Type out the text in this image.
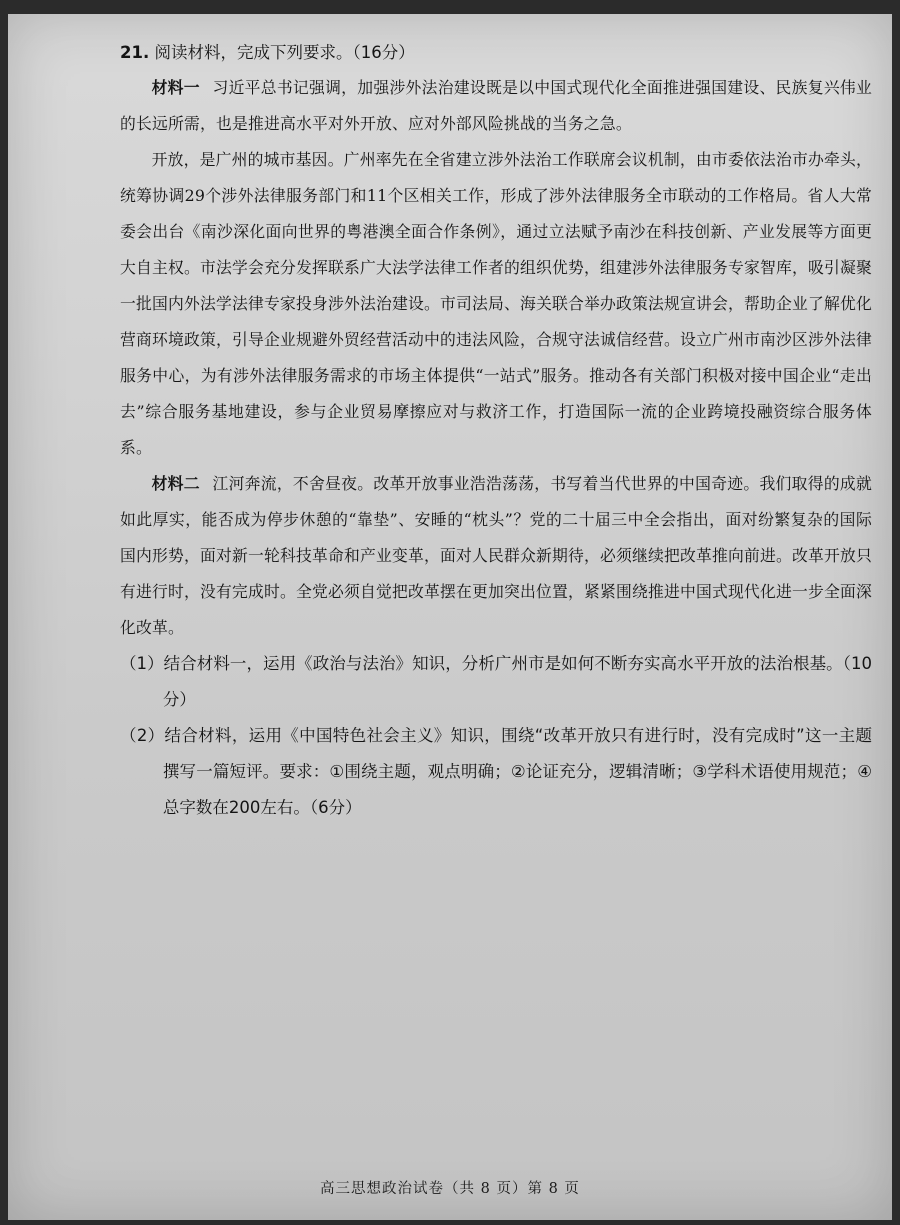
21. 阅读材料，完成下列要求。（16分）

材料一 习近平总书记强调，加强涉外法治建设既是以中国式现代化全面推进强国建设、民族复兴伟业的长远所需，也是推进高水平对外开放、应对外部风险挑战的当务之急。

开放，是广州的城市基因。广州率先在全省建立涉外法治工作联席会议机制，由市委依法治市办牵头，统筹协调29个涉外法律服务部门和11个区相关工作，形成了涉外法律服务全市联动的工作格局。省人大常委会出台《南沙深化面向世界的粤港澳全面合作条例》，通过立法赋予南沙在科技创新、产业发展等方面更大自主权。市法学会充分发挥联系广大法学法律工作者的组织优势，组建涉外法律服务专家智库，吸引凝聚一批国内外法学法律专家投身涉外法治建设。市司法局、海关联合举办政策法规宣讲会，帮助企业了解优化营商环境政策，引导企业规避外贸经营活动中的违法风险，合规守法诚信经营。设立广州市南沙区涉外法律服务中心，为有涉外法律服务需求的市场主体提供“一站式”服务。推动各有关部门积极对接中国企业“走出去”综合服务基地建设，参与企业贸易摩擦应对与救济工作，打造国际一流的企业跨境投融资综合服务体系。

材料二 江河奔流，不舍昼夜。改革开放事业浩浩荡荡，书写着当代世界的中国奇迹。我们取得的成就如此厚实，能否成为停步休憩的“靠垫”、安睡的“枕头”？党的二十届三中全会指出，面对纷繁复杂的国际国内形势，面对新一轮科技革命和产业变革，面对人民群众新期待，必须继续把改革推向前进。改革开放只有进行时，没有完成时。全党必须自觉把改革摆在更加突出位置，紧紧围绕推进中国式现代化进一步全面深化改革。

（1）结合材料一，运用《政治与法治》知识，分析广州市是如何不断夯实高水平开放的法治根基。（10分）

（2）结合材料，运用《中国特色社会主义》知识，围绕“改革开放只有进行时，没有完成时”这一主题撰写一篇短评。要求：①围绕主题，观点明确；②论证充分，逻辑清晰；③学科术语使用规范；④总字数在200左右。（6分）

高三思想政治试卷（共 8 页）第 8 页
